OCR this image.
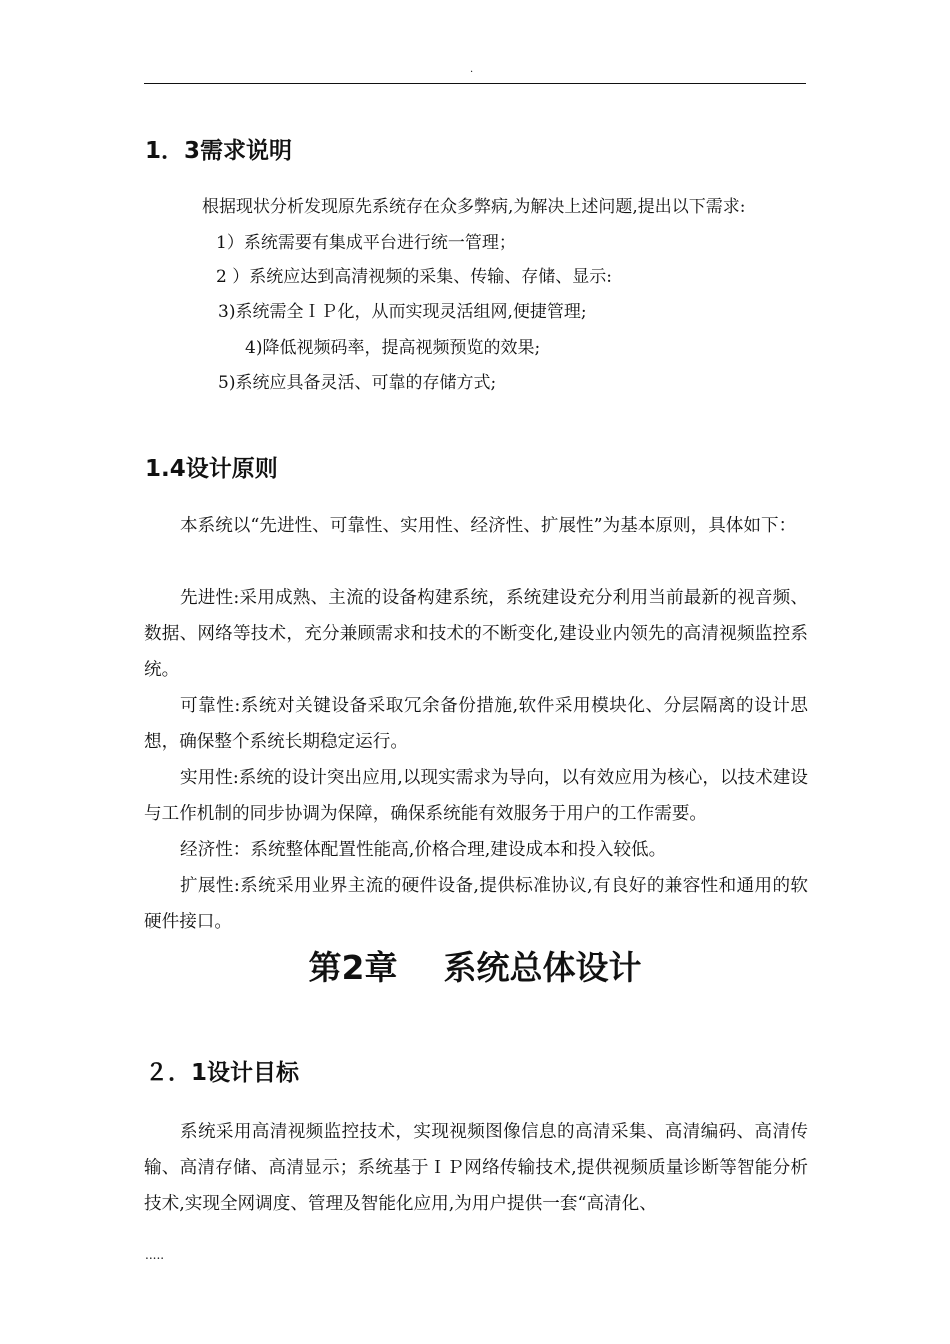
.
1．3需求说明

根据现状分析发现原先系统存在众多弊病,为解决上述问题,提出以下需求:

1）系统需要有集成平台进行统一管理；

2 ）系统应达到高清视频的采集、传输、存储、显示:

3)系统需全ＩＰ化，从而实现灵活组网,便捷管理;

4)降低视频码率，提高视频预览的效果;

5)系统应具备灵活、可靠的存储方式;

1.4设计原则

本系统以“先进性、可靠性、实用性、经济性、扩展性”为基本原则，具体如下：

先进性:采用成熟、主流的设备构建系统，系统建设充分利用当前最新的视音频、数据、网络等技术，充分兼顾需求和技术的不断变化,建设业内领先的高清视频监控系统。

可靠性:系统对关键设备采取冗余备份措施,软件采用模块化、分层隔离的设计思想，确保整个系统长期稳定运行。

实用性:系统的设计突出应用,以现实需求为导向，以有效应用为核心，以技术建设与工作机制的同步协调为保障，确保系统能有效服务于用户的工作需要。

经济性：系统整体配置性能高,价格合理,建设成本和投入较低。

扩展性:系统采用业界主流的硬件设备,提供标准协议,有良好的兼容性和通用的软硬件接口。

第2章    系统总体设计
２．1设计目标

系统采用高清视频监控技术，实现视频图像信息的高清采集、高清编码、高清传输、高清存储、高清显示；系统基于ＩＰ网络传输技术,提供视频质量诊断等智能分析技术,实现全网调度、管理及智能化应用,为用户提供一套“高清化、

.....
